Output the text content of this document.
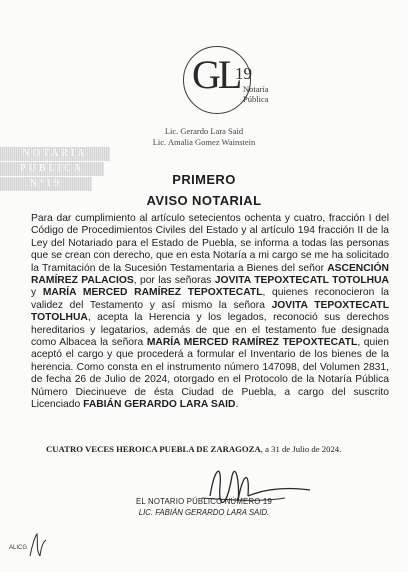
GL
19
Notaría
Pública
Lic. Gerardo Lara Said
Lic. Amalia Gomez Wainstein
NOTARIA
PUBLICA
Nº19	PRIMERO
AVISO NOTARIAL
Para dar cumplimiento al artículo setecientos ochenta y cuatro, fracción I del Código de Procedimientos Civiles del Estado y al artículo 194 fracción II de la Ley del Notariado para el Estado de Puebla, se informa a todas las personas que se crean con derecho, que en esta Notaría a mi cargo se me ha solicitado la Tramitación de la Sucesión Testamentaria a Bienes del señor ASCENCIÓN RAMÍREZ PALACIOS, por las señoras JOVITA TEPOXTECATL TOTOLHUA y MARÍA MERCED RAMÍREZ TEPOXTECATL, quienes reconocieron la validez del Testamento y así mismo la señora JOVITA TEPOXTECATL TOTOLHUA, acepta la Herencia y los legados, reconoció sus derechos hereditarios y legatarios, además de que en el testamento fue designada como Albacea la señora MARÍA MERCED RAMÍREZ TEPOXTECATL, quien aceptó el cargo y que procederá a formular el Inventario de los bienes de la herencia. Como consta en el instrumento número 147098, del Volumen 2831, de fecha 26 de Julio de 2024, otorgado en el Protocolo de la Notaría Pública Número Diecinueve de ésta Ciudad de Puebla, a cargo del suscrito Licenciado FABIÁN GERARDO LARA SAID.
CUATRO VECES HEROICA PUEBLA DE ZARAGOZA, a 31 de Julio de 2024.
EL NOTARIO PÚBLICO NÚMERO 19
LIC. FABIÁN GERARDO LARA SAID.
ALICG
